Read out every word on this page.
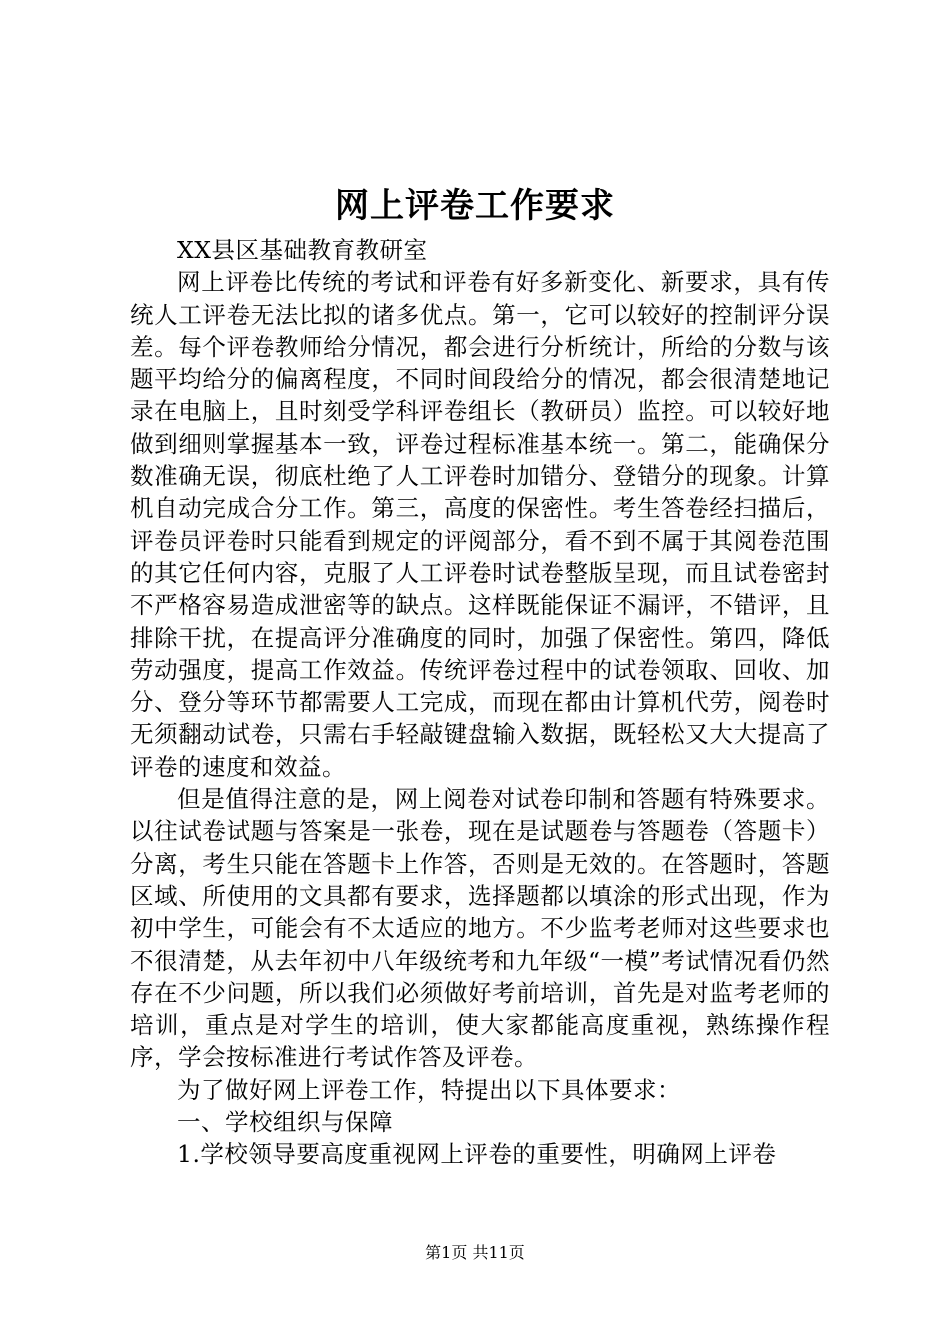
网上评卷工作要求

XX县区基础教育教研室

网上评卷比传统的考试和评卷有好多新变化、新要求，具有传统人工评卷无法比拟的诸多优点。第一，它可以较好的控制评分误差。每个评卷教师给分情况，都会进行分析统计，所给的分数与该题平均给分的偏离程度，不同时间段给分的情况，都会很清楚地记录在电脑上，且时刻受学科评卷组长（教研员）监控。可以较好地做到细则掌握基本一致，评卷过程标准基本统一。第二，能确保分数准确无误，彻底杜绝了人工评卷时加错分、登错分的现象。计算机自动完成合分工作。第三，高度的保密性。考生答卷经扫描后，评卷员评卷时只能看到规定的评阅部分，看不到不属于其阅卷范围的其它任何内容，克服了人工评卷时试卷整版呈现，而且试卷密封不严格容易造成泄密等的缺点。这样既能保证不漏评，不错评，且排除干扰，在提高评分准确度的同时，加强了保密性。第四，降低劳动强度，提高工作效益。传统评卷过程中的试卷领取、回收、加分、登分等环节都需要人工完成，而现在都由计算机代劳，阅卷时无须翻动试卷，只需右手轻敲键盘输入数据，既轻松又大大提高了评卷的速度和效益。

但是值得注意的是，网上阅卷对试卷印制和答题有特殊要求。以往试卷试题与答案是一张卷，现在是试题卷与答题卷（答题卡）分离，考生只能在答题卡上作答，否则是无效的。在答题时，答题区域、所使用的文具都有要求，选择题都以填涂的形式出现，作为初中学生，可能会有不太适应的地方。不少监考老师对这些要求也不很清楚，从去年初中八年级统考和九年级“一模”考试情况看仍然存在不少问题，所以我们必须做好考前培训，首先是对监考老师的培训，重点是对学生的培训，使大家都能高度重视，熟练操作程序，学会按标准进行考试作答及评卷。

为了做好网上评卷工作，特提出以下具体要求：

一、学校组织与保障

1.学校领导要高度重视网上评卷的重要性，明确网上评卷

第1页 共11页
